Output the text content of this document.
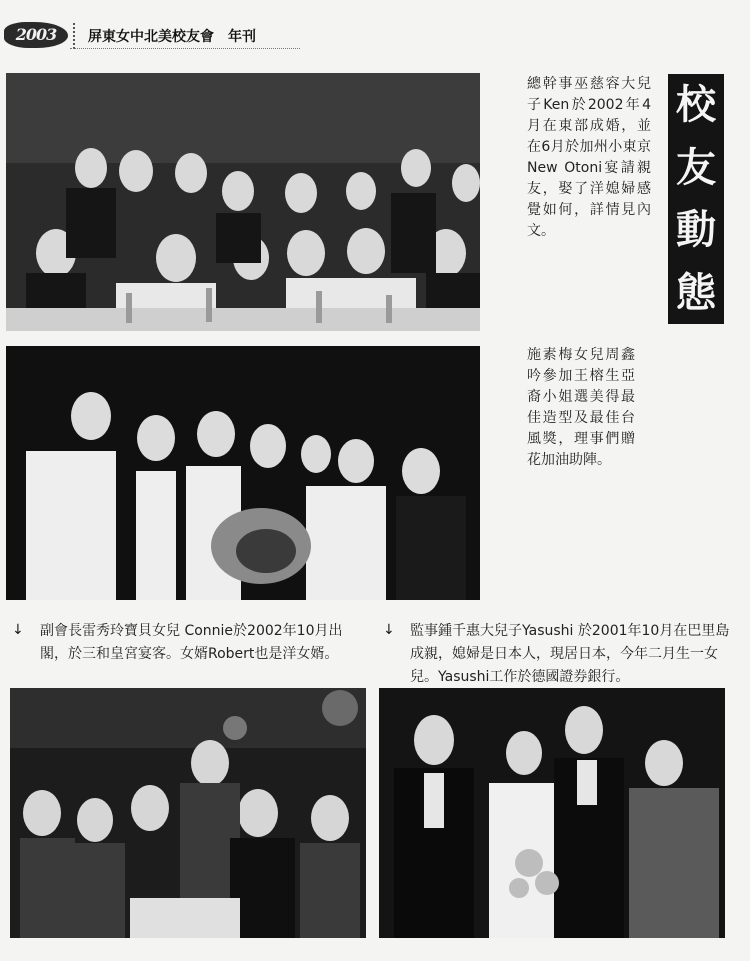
2003	屏東女中北美校友會　年刊
總幹事巫慈容大兒子Ken於2002年4月在東部成婚，並在6月於加州小東京New Otoni宴請親友，娶了洋媳婦感覺如何，詳情見內文。
校
友
動
態
施素梅女兒周鑫吟參加王榕生亞裔小姐選美得最佳造型及最佳台風獎，理事們贈花加油助陣。
↓ 副會長雷秀玲寶貝女兒 Connie於2002年10月出閣，於三和皇宮宴客。女婿Robert也是洋女婿。
↓ 監事鍾千惠大兒子Yasushi 於2001年10月在巴里島成親，媳婦是日本人，現居日本，今年二月生一女兒。Yasushi工作於德國證券銀行。
